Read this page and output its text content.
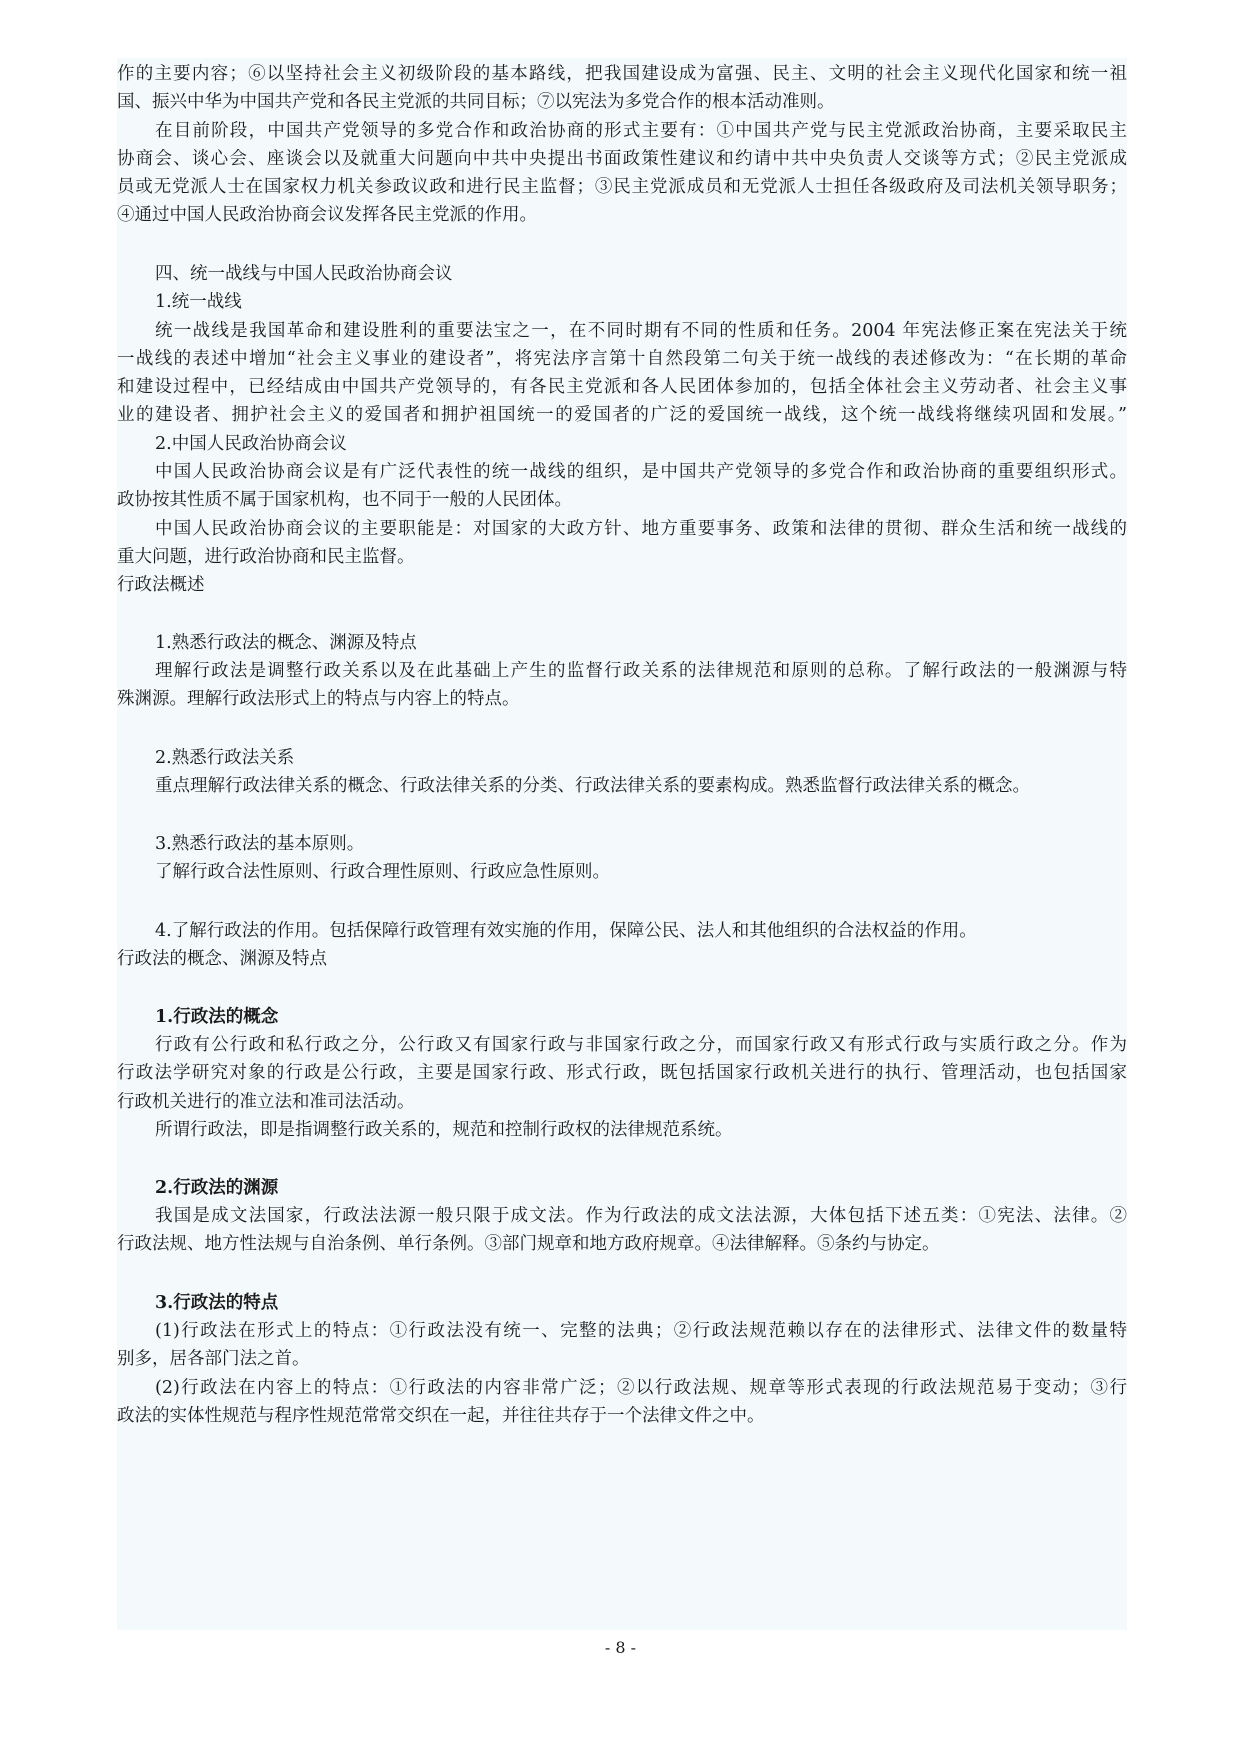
作的主要内容；⑥以坚持社会主义初级阶段的基本路线，把我国建设成为富强、民主、文明的社会主义现代化国家和统一祖
国、振兴中华为中国共产党和各民主党派的共同目标；⑦以宪法为多党合作的根本活动准则。
在目前阶段，中国共产党领导的多党合作和政治协商的形式主要有：①中国共产党与民主党派政治协商，主要采取民主
协商会、谈心会、座谈会以及就重大问题向中共中央提出书面政策性建议和约请中共中央负责人交谈等方式；②民主党派成
员或无党派人士在国家权力机关参政议政和进行民主监督；③民主党派成员和无党派人士担任各级政府及司法机关领导职务；
④通过中国人民政治协商会议发挥各民主党派的作用。
四、统一战线与中国人民政治协商会议
1.统一战线
统一战线是我国革命和建设胜利的重要法宝之一，在不同时期有不同的性质和任务。2004 年宪法修正案在宪法关于统
一战线的表述中增加“社会主义事业的建设者”，将宪法序言第十自然段第二句关于统一战线的表述修改为：“在长期的革命
和建设过程中，已经结成由中国共产党领导的，有各民主党派和各人民团体参加的，包括全体社会主义劳动者、社会主义事
业的建设者、拥护社会主义的爱国者和拥护祖国统一的爱国者的广泛的爱国统一战线，这个统一战线将继续巩固和发展。”
2.中国人民政治协商会议
中国人民政治协商会议是有广泛代表性的统一战线的组织，是中国共产党领导的多党合作和政治协商的重要组织形式。
政协按其性质不属于国家机构，也不同于一般的人民团体。
中国人民政治协商会议的主要职能是：对国家的大政方针、地方重要事务、政策和法律的贯彻、群众生活和统一战线的
重大问题，进行政治协商和民主监督。
行政法概述
1.熟悉行政法的概念、渊源及特点
理解行政法是调整行政关系以及在此基础上产生的监督行政关系的法律规范和原则的总称。了解行政法的一般渊源与特
殊渊源。理解行政法形式上的特点与内容上的特点。
2.熟悉行政法关系
重点理解行政法律关系的概念、行政法律关系的分类、行政法律关系的要素构成。熟悉监督行政法律关系的概念。
3.熟悉行政法的基本原则。
了解行政合法性原则、行政合理性原则、行政应急性原则。
4.了解行政法的作用。包括保障行政管理有效实施的作用，保障公民、法人和其他组织的合法权益的作用。
行政法的概念、渊源及特点
1.行政法的概念
行政有公行政和私行政之分，公行政又有国家行政与非国家行政之分，而国家行政又有形式行政与实质行政之分。作为
行政法学研究对象的行政是公行政，主要是国家行政、形式行政，既包括国家行政机关进行的执行、管理活动，也包括国家
行政机关进行的准立法和准司法活动。
所谓行政法，即是指调整行政关系的，规范和控制行政权的法律规范系统。
2.行政法的渊源
我国是成文法国家，行政法法源一般只限于成文法。作为行政法的成文法法源，大体包括下述五类：①宪法、法律。②
行政法规、地方性法规与自治条例、单行条例。③部门规章和地方政府规章。④法律解释。⑤条约与协定。
3.行政法的特点
(1)行政法在形式上的特点：①行政法没有统一、完整的法典；②行政法规范赖以存在的法律形式、法律文件的数量特
别多，居各部门法之首。
(2)行政法在内容上的特点：①行政法的内容非常广泛；②以行政法规、规章等形式表现的行政法规范易于变动；③行
政法的实体性规范与程序性规范常常交织在一起，并往往共存于一个法律文件之中。
- 8 -
